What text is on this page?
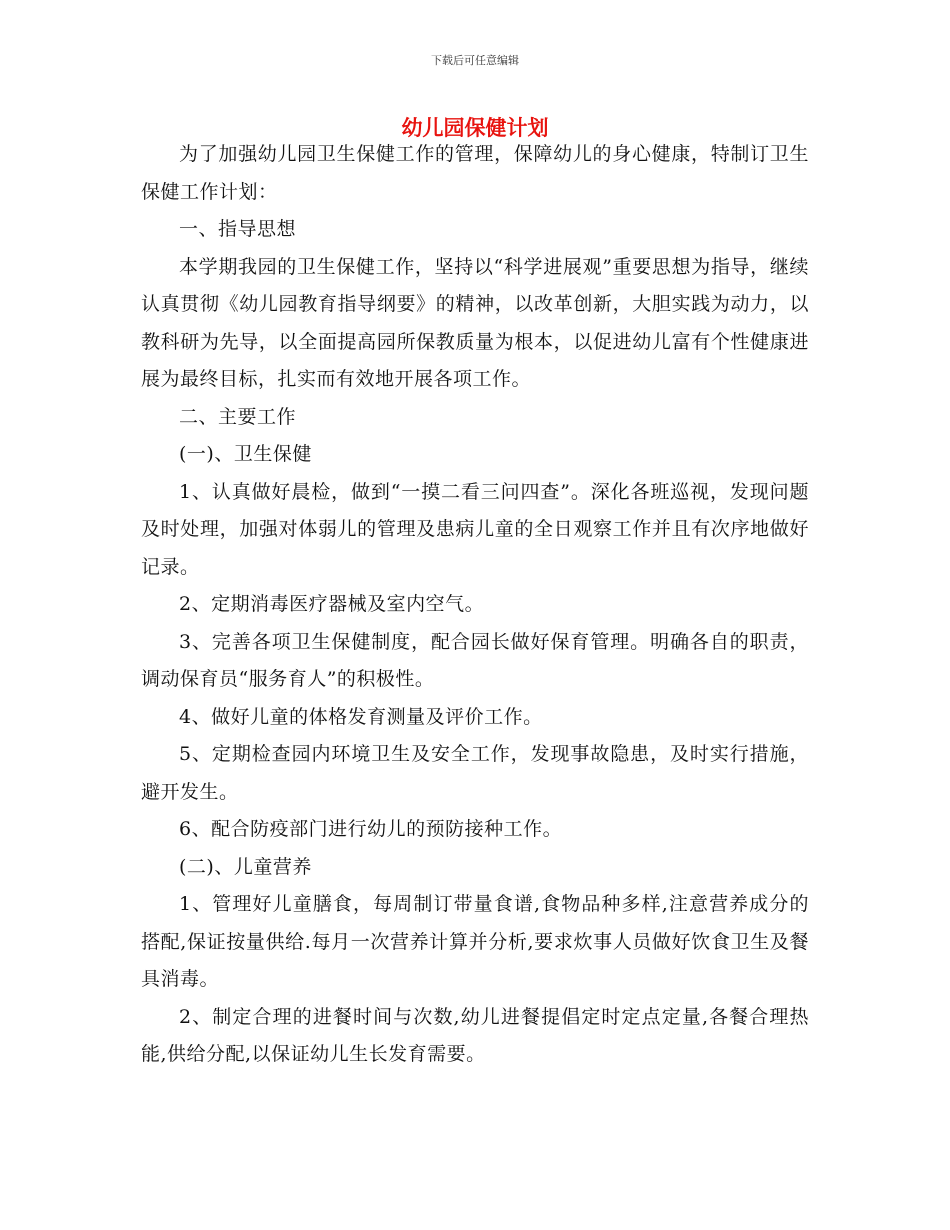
下载后可任意编辑
幼儿园保健计划

为了加强幼儿园卫生保健工作的管理，保障幼儿的身心健康，特制订卫生保健工作计划：

一、指导思想

本学期我园的卫生保健工作，坚持以“科学进展观”重要思想为指导，继续认真贯彻《幼儿园教育指导纲要》的精神，以改革创新，大胆实践为动力，以教科研为先导，以全面提高园所保教质量为根本，以促进幼儿富有个性健康进展为最终目标，扎实而有效地开展各项工作。

二、主要工作

(一)、卫生保健

1、认真做好晨检，做到“一摸二看三问四查”。深化各班巡视，发现问题及时处理，加强对体弱儿的管理及患病儿童的全日观察工作并且有次序地做好记录。

2、定期消毒医疗器械及室内空气。

3、完善各项卫生保健制度，配合园长做好保育管理。明确各自的职责，调动保育员“服务育人”的积极性。

4、做好儿童的体格发育测量及评价工作。

5、定期检查园内环境卫生及安全工作，发现事故隐患，及时实行措施，避开发生。

6、配合防疫部门进行幼儿的预防接种工作。

(二)、儿童营养

1、管理好儿童膳食，每周制订带量食谱,食物品种多样,注意营养成分的搭配,保证按量供给.每月一次营养计算并分析,要求炊事人员做好饮食卫生及餐具消毒。

2、制定合理的进餐时间与次数,幼儿进餐提倡定时定点定量,各餐合理热能,供给分配,以保证幼儿生长发育需要。
